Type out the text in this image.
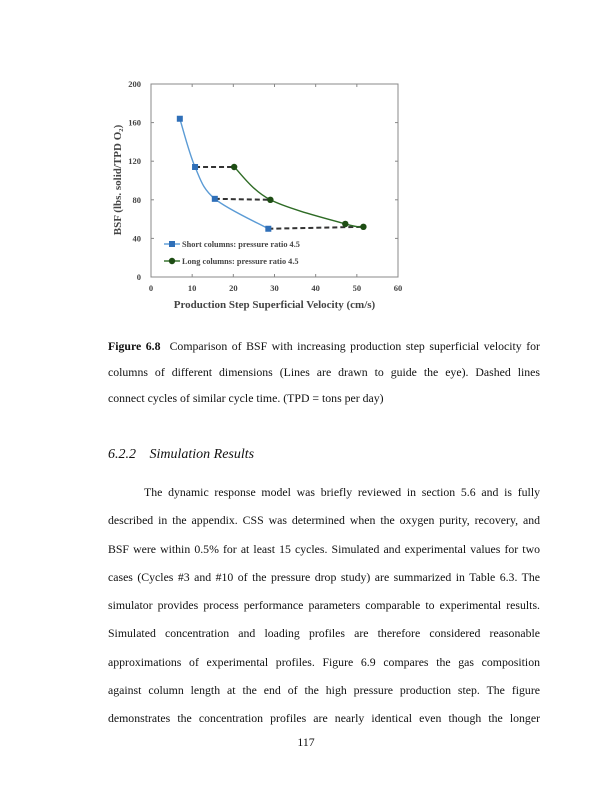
0	10	20	30	40	50	60
0
40
80
120
160
200
Short columns: pressure ratio 4.5
Long columns: pressure ratio 4.5
Production Step Superficial Velocity (cm/s)
BSF (lbs. solid/TPD O₂)
Figure 6.8 Comparison of BSF with increasing production step superficial velocity for
columns of different dimensions (Lines are drawn to guide the eye). Dashed lines
connect cycles of similar cycle time. (TPD = tons per day)
6.2.2 Simulation Results
The dynamic response model was briefly reviewed in section 5.6 and is fully
described in the appendix. CSS was determined when the oxygen purity, recovery, and
BSF were within 0.5% for at least 15 cycles. Simulated and experimental values for two
cases (Cycles #3 and #10 of the pressure drop study) are summarized in Table 6.3. The
simulator provides process performance parameters comparable to experimental results.
Simulated concentration and loading profiles are therefore considered reasonable
approximations of experimental profiles. Figure 6.9 compares the gas composition
against column length at the end of the high pressure production step. The figure
demonstrates the concentration profiles are nearly identical even though the longer
117
